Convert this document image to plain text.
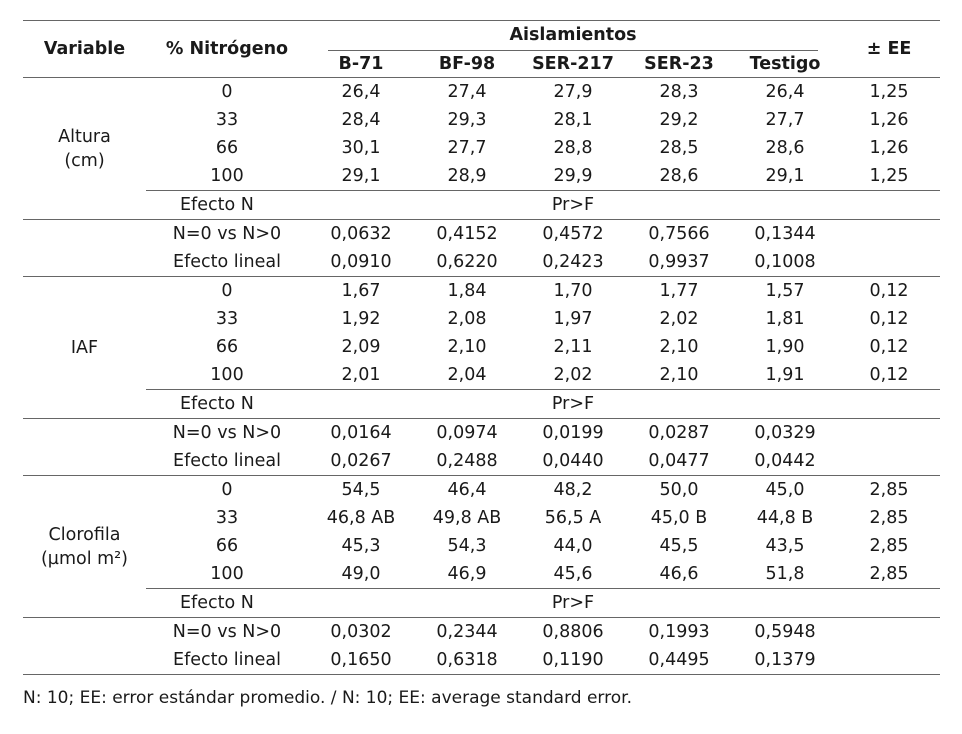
Variable	% Nitrógeno	Aislamientos					± EE
		B-71	BF-98	SER-217	SER-23	Testigo	

Altura
(cm)	0	26,4	27,4	27,9	28,3	26,4	1,25
	33	28,4	29,3	28,1	29,2	27,7	1,26
	66	30,1	27,7	28,8	28,5	28,6	1,26
	100	29,1	28,9	29,9	28,6	29,1	1,25
	Efecto N	Pr>F					
	N=0 vs N>0	0,0632	0,4152	0,4572	0,7566	0,1344	
	Efecto lineal	0,0910	0,6220	0,2423	0,9937	0,1008	

IAF	0	1,67	1,84	1,70	1,77	1,57	0,12
	33	1,92	2,08	1,97	2,02	1,81	0,12
	66	2,09	2,10	2,11	2,10	1,90	0,12
	100	2,01	2,04	2,02	2,10	1,91	0,12
	Efecto N	Pr>F					
	N=0 vs N>0	0,0164	0,0974	0,0199	0,0287	0,0329	
	Efecto lineal	0,0267	0,2488	0,0440	0,0477	0,0442	

Clorofila
(µmol m²)	0	54,5	46,4	48,2	50,0	45,0	2,85
	33	46,8 AB	49,8 AB	56,5 A	45,0 B	44,8 B	2,85
	66	45,3	54,3	44,0	45,5	43,5	2,85
	100	49,0	46,9	45,6	46,6	51,8	2,85
	Efecto N	Pr>F					
	N=0 vs N>0	0,0302	0,2344	0,8806	0,1993	0,5948	
	Efecto lineal	0,1650	0,6318	0,1190	0,4495	0,1379	
N: 10; EE: error estándar promedio. / N: 10; EE: average standard error.
